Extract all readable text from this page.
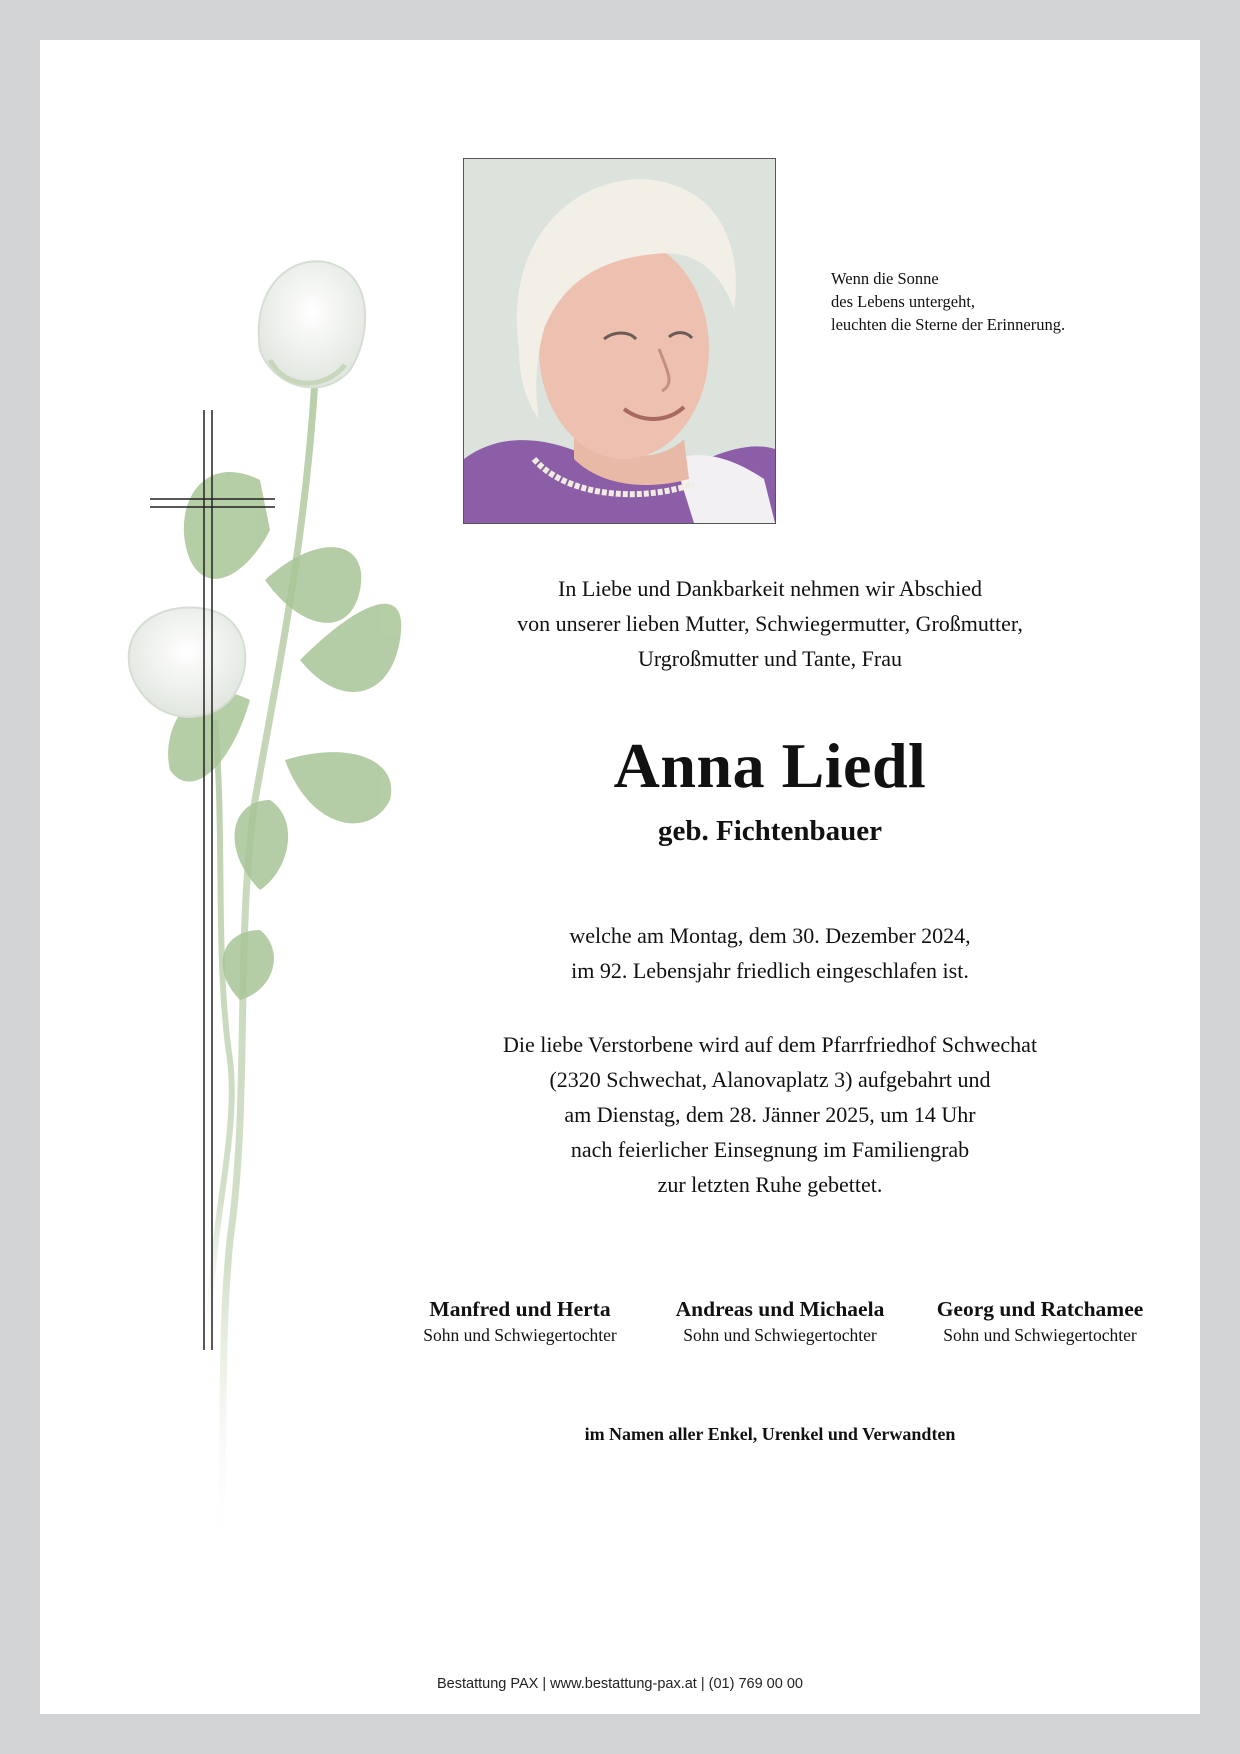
Wenn die Sonne
des Lebens untergeht,
leuchten die Sterne der Erinnerung.
In Liebe und Dankbarkeit nehmen wir Abschied
von unserer lieben Mutter, Schwiegermutter, Großmutter,
Urgroßmutter und Tante, Frau
Anna Liedl
geb. Fichtenbauer
welche am Montag, dem 30. Dezember 2024,
im 92. Lebensjahr friedlich eingeschlafen ist.
Die liebe Verstorbene wird auf dem Pfarrfriedhof Schwechat
(2320 Schwechat, Alanovaplatz 3) aufgebahrt und
am Dienstag, dem 28. Jänner 2025, um 14 Uhr
nach feierlicher Einsegnung im Familiengrab
zur letzten Ruhe gebettet.
Manfred und Herta
Sohn und Schwiegertochter
Andreas und Michaela
Sohn und Schwiegertochter
Georg und Ratchamee
Sohn und Schwiegertochter
im Namen aller Enkel, Urenkel und Verwandten
Bestattung PAX | www.bestattung-pax.at | (01) 769 00 00
